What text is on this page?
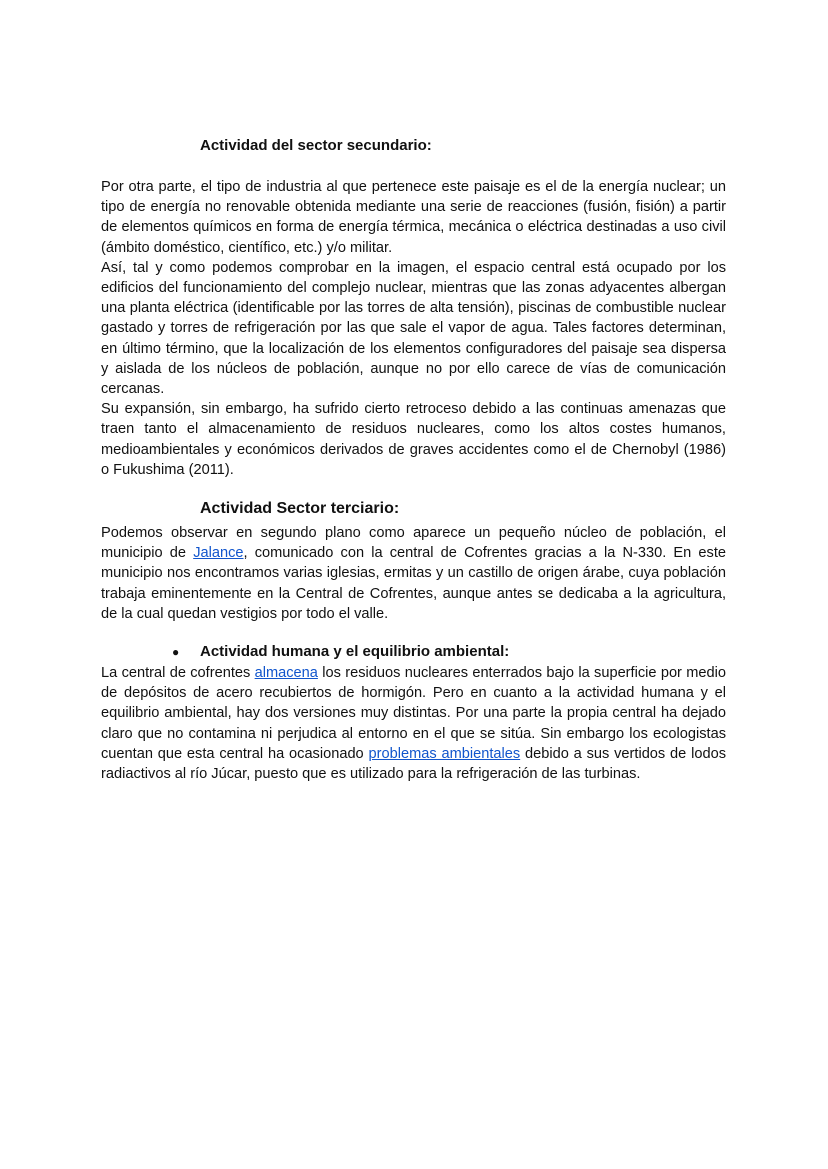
Actividad del sector secundario:

Por otra parte, el tipo de industria al que pertenece este paisaje es el de la energía nuclear; un tipo de energía no renovable obtenida mediante una serie de reacciones (fusión, fisión) a partir de elementos químicos en forma de energía térmica, mecánica o eléctrica destinadas a uso civil (ámbito doméstico, científico, etc.) y/o militar.

Así, tal y como podemos comprobar en la imagen, el espacio central está ocupado por los edificios del funcionamiento del complejo nuclear, mientras que las zonas adyacentes albergan una planta eléctrica (identificable por las torres de alta tensión), piscinas de combustible nuclear gastado y torres de refrigeración por las que sale el vapor de agua. Tales factores determinan, en último término, que la localización de los elementos configuradores del paisaje sea dispersa y aislada de los núcleos de población, aunque no por ello carece de vías de comunicación cercanas.

Su expansión, sin embargo, ha sufrido cierto retroceso debido a las continuas amenazas que traen tanto el almacenamiento de residuos nucleares, como los altos costes humanos, medioambientales y económicos derivados de graves accidentes como el de Chernobyl (1986) o Fukushima (2011).

Actividad Sector terciario:

Podemos observar en segundo plano como aparece un pequeño núcleo de población, el municipio de Jalance, comunicado con la central de Cofrentes gracias a la N-330. En este municipio nos encontramos varias iglesias, ermitas y un castillo de origen árabe, cuya población trabaja eminentemente en la Central de Cofrentes, aunque antes se dedicaba a la agricultura, de la cual quedan vestigios por todo el valle.

●	Actividad humana y el equilibrio ambiental:

La central de cofrentes almacena los residuos nucleares enterrados bajo la superficie por medio de depósitos de acero recubiertos de hormigón. Pero en cuanto a la actividad humana y el equilibrio ambiental, hay dos versiones muy distintas. Por una parte la propia central ha dejado claro que no contamina ni perjudica al entorno en el que se sitúa. Sin embargo los ecologistas cuentan que esta central ha ocasionado problemas ambientales debido a sus vertidos de lodos radiactivos al río Júcar, puesto que es utilizado para la refrigeración de las turbinas.
